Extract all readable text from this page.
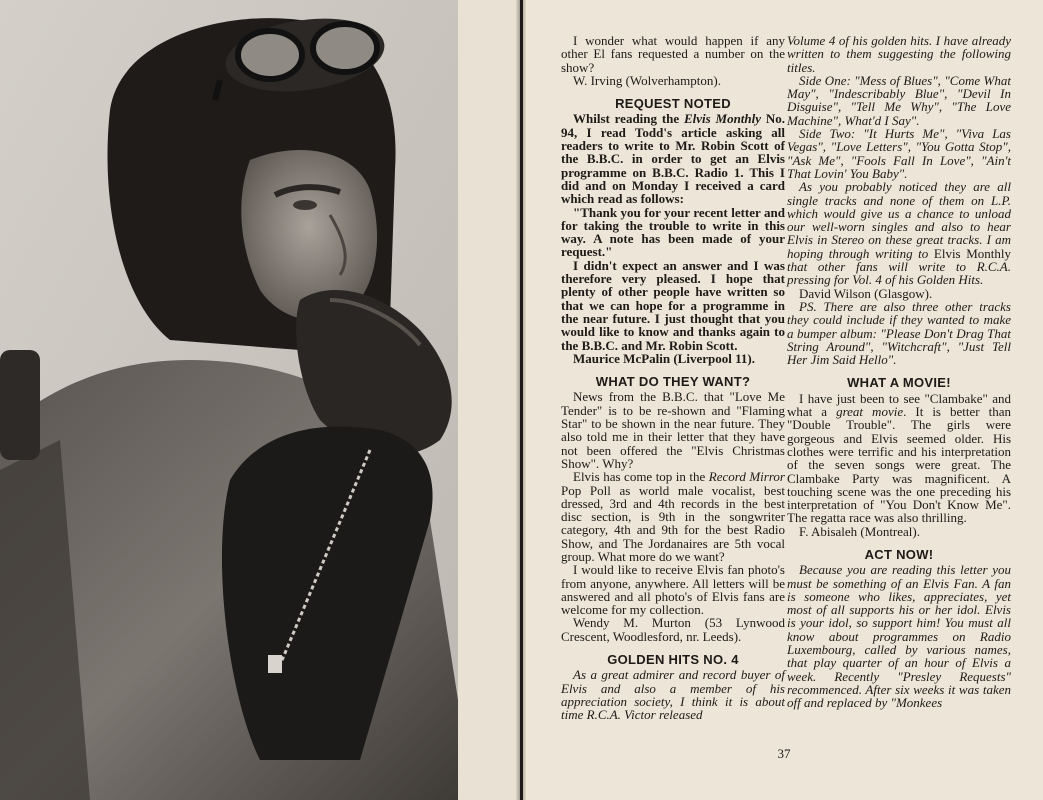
I wonder what would happen if any other El fans requested a number on the show?

W. Irving (Wolverhampton).

REQUEST NOTED

Whilst reading the Elvis Monthly No. 94, I read Todd's article asking all readers to write to Mr. Robin Scott of the B.B.C. in order to get an Elvis programme on B.B.C. Radio 1. This I did and on Monday I received a card which read as follows:

"Thank you for your recent letter and for taking the trouble to write in this way. A note has been made of your request."

I didn't expect an answer and I was therefore very pleased. I hope that plenty of other people have written so that we can hope for a programme in the near future. I just thought that you would like to know and thanks again to the B.B.C. and Mr. Robin Scott.

Maurice McPalin (Liverpool 11).

WHAT DO THEY WANT?

News from the B.B.C. that "Love Me Tender" is to be re-shown and "Flaming Star" to be shown in the near future. They also told me in their letter that they have not been offered the "Elvis Christmas Show". Why?

Elvis has come top in the Record Mirror Pop Poll as world male vocalist, best dressed, 3rd and 4th records in the best disc section, is 9th in the songwriter category, 4th and 9th for the best Radio Show, and The Jordanaires are 5th vocal group. What more do we want?

I would like to receive Elvis fan photo's from anyone, anywhere. All letters will be answered and all photo's of Elvis fans are welcome for my collection.

Wendy M. Murton (53 Lynwood Crescent, Woodlesford, nr. Leeds).

GOLDEN HITS NO. 4

As a great admirer and record buyer of Elvis and also a member of his appreciation society, I think it is about time R.C.A. Victor released

Volume 4 of his golden hits. I have already written to them suggesting the following titles.

Side One: "Mess of Blues", "Come What May", "Indescribably Blue", "Devil In Disguise", "Tell Me Why", "The Love Machine", What'd I Say".

Side Two: "It Hurts Me", "Viva Las Vegas", "Love Letters", "You Gotta Stop", "Ask Me", "Fools Fall In Love", "Ain't That Lovin' You Baby".

As you probably noticed they are all single tracks and none of them on L.P. which would give us a chance to unload our well-worn singles and also to hear Elvis in Stereo on these great tracks. I am hoping through writing to Elvis Monthly that other fans will write to R.C.A. pressing for Vol. 4 of his Golden Hits.

David Wilson (Glasgow).

PS. There are also three other tracks they could include if they wanted to make a bumper album: "Please Don't Drag That String Around", "Witchcraft", "Just Tell Her Jim Said Hello".

WHAT A MOVIE!

I have just been to see "Clambake" and what a great movie. It is better than "Double Trouble". The girls were gorgeous and Elvis seemed older. His clothes were terrific and his interpretation of the seven songs were great. The Clambake Party was magnificent. A touching scene was the one preceding his interpretation of "You Don't Know Me". The regatta race was also thrilling.

F. Abisaleh (Montreal).

ACT NOW!

Because you are reading this letter you must be something of an Elvis Fan. A fan is someone who likes, appreciates, yet most of all supports his or her idol. Elvis is your idol, so support him! You must all know about programmes on Radio Luxembourg, called by various names, that play quarter of an hour of Elvis a week. Recently "Presley Requests" recommenced. After six weeks it was taken off and replaced by "Monkees

37
